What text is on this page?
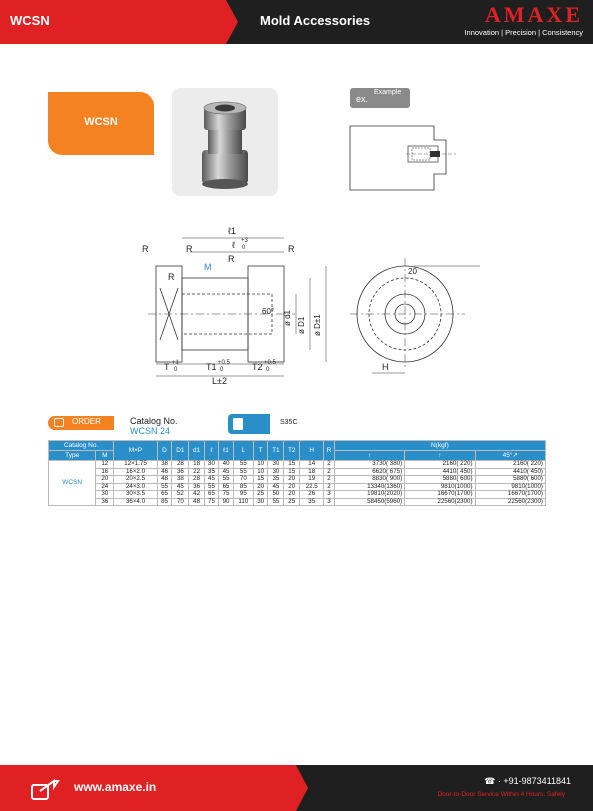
WCSN	Mold Accessories	AMAXE
Innovation | Precision | Consistency
WCSN
ex.
Example
R	R
R
R
R
M
ℓ1
ℓ +3
0
60° ø d1 ø D1 ø D±1
T +1
0	T1 +0.5
0	T2 +0.5
0
L±2
20
H
ORDER	Catalog No.
WCSN 24
S35C
Catalog No.		M×P	D	D1	d1	ℓ	ℓ1	L	T	T1	T2	H	R	N(kgf)		
Type	M													↑	↑	45°↗
WCSN	12	12×1.75	38	28	18	30	40	55	10	30	15	14	2	3730( 380)	2160( 220)	2160( 220)
	16	16×2.0	46	36	22	35	45	55	10	30	15	18	2	6620( 675)	4410( 450)	4410( 450)
	20	20×2.5	48	38	28	45	55	70	15	35	20	19	2	8830( 900)	5880( 600)	5880( 600)
	24	24×3.0	55	45	36	55	65	85	20	45	20	22.5	2	13340(1360)	9810(1000)	9810(1000)
	30	30×3.5	65	52	42	65	75	95	25	50	20	26	3	19810(2020)	16670(1700)	16670(1700)
	36	36×4.0	85	70	48	75	90	110	30	55	25	35	3	58450(5960)	22560(2300)	22560(2300)
www.amaxe.in	☎ · +91-9873411841
Door-to-Door Service Within 4 Hours. Safely
